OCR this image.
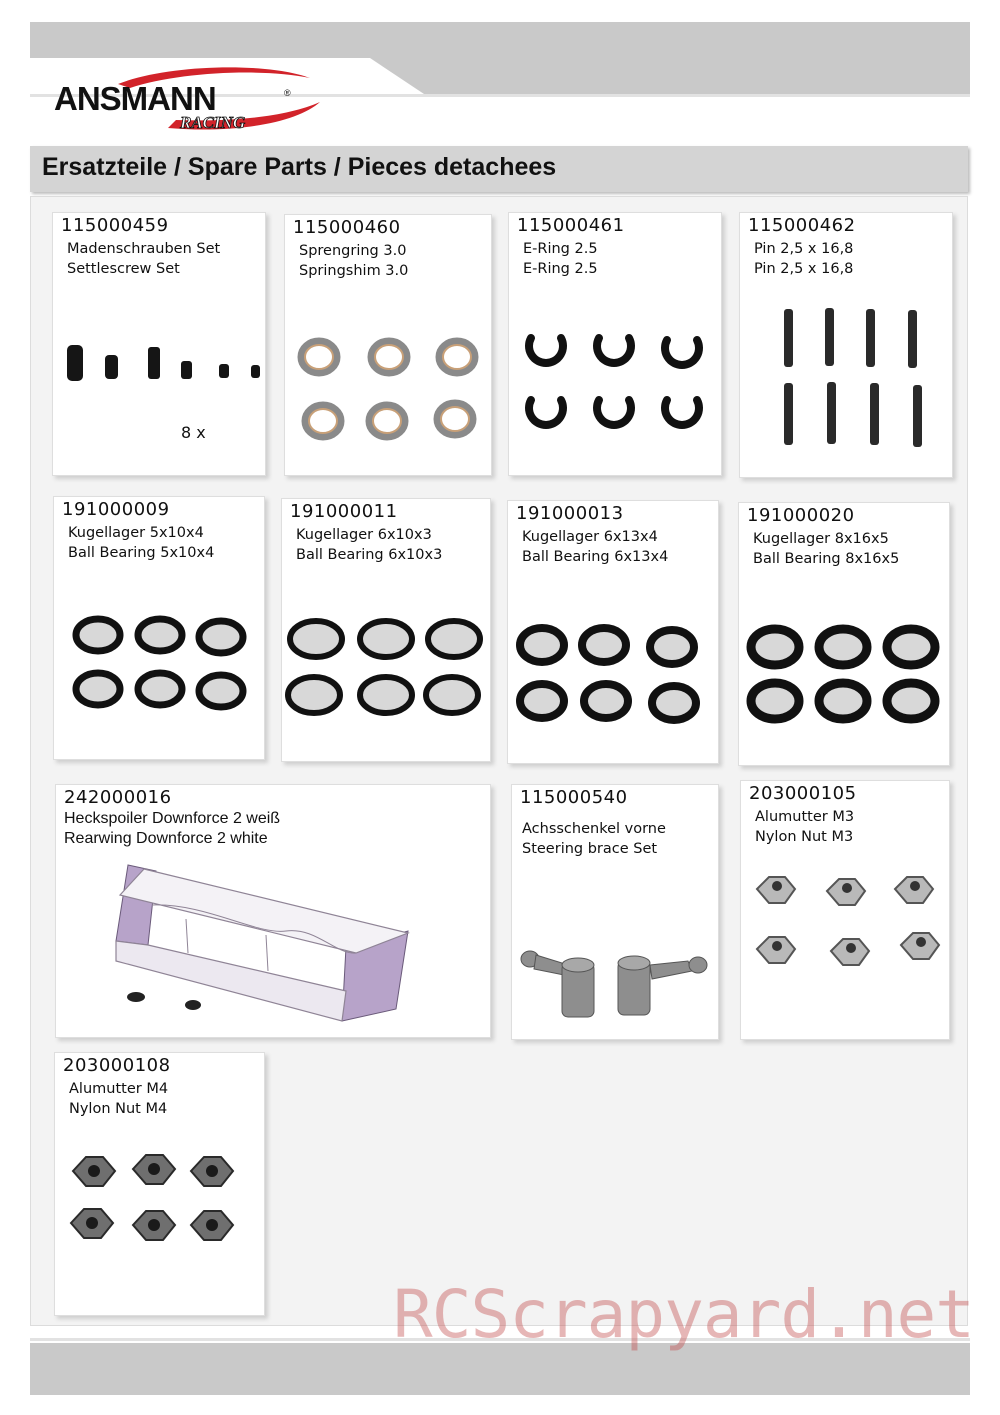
ANSMANN	®
RACING
Ersatzteile / Spare Parts / Pieces detachees
115000459
Madenschrauben Set
Settlescrew Set
8 x
115000460
Sprengring 3.0
Springshim 3.0
115000461
E-Ring 2.5
E-Ring 2.5
115000462
Pin 2,5 x 16,8
Pin 2,5 x 16,8
191000009
Kugellager 5x10x4
Ball Bearing 5x10x4
191000011
Kugellager 6x10x3
Ball Bearing 6x10x3
191000013
Kugellager 6x13x4
Ball Bearing 6x13x4
191000020
Kugellager 8x16x5
Ball Bearing 8x16x5
242000016
Heckspoiler Downforce 2 weiß
Rearwing Downforce 2 white
115000540
Achsschenkel vorne
Steering brace Set
203000105
Alumutter M3
Nylon Nut M3
203000108
Alumutter M4
Nylon Nut M4
RCScrapyard.net
